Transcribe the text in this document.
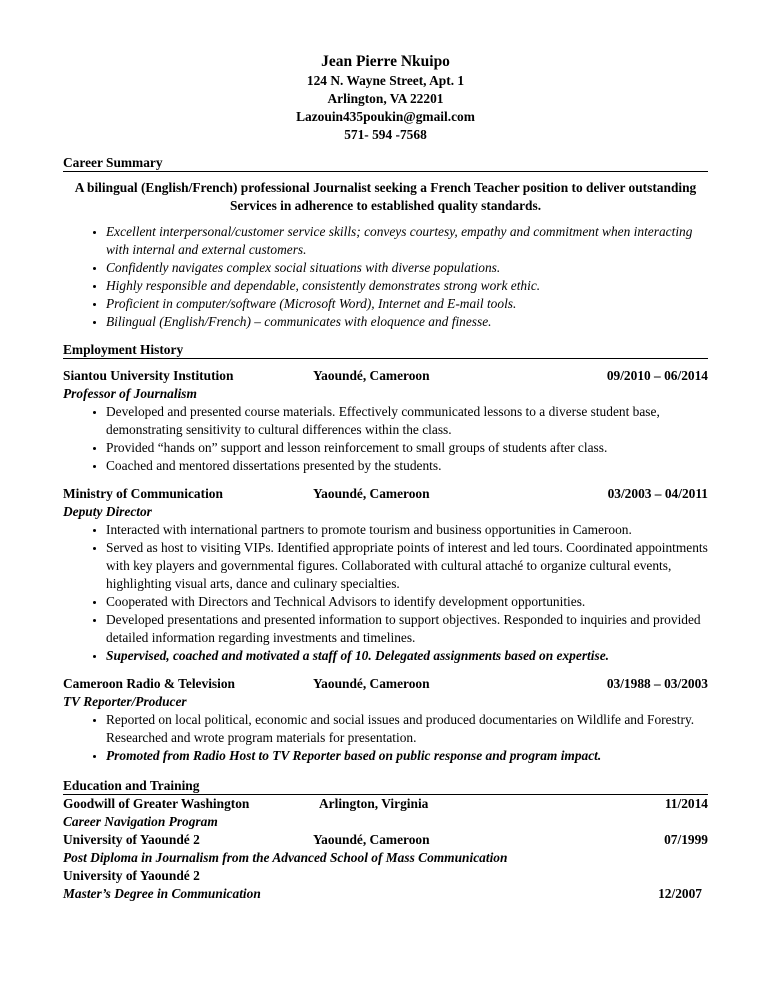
Jean Pierre Nkuipo
124 N. Wayne Street, Apt. 1
Arlington, VA 22201
Lazouin435poukin@gmail.com
571- 594 -7568
Career Summary
A bilingual (English/French) professional Journalist seeking a French Teacher position to deliver outstanding Services in adherence to established quality standards.
• Excellent interpersonal/customer service skills; conveys courtesy, empathy and commitment when interacting with internal and external customers.
• Confidently navigates complex social situations with diverse populations.
• Highly responsible and dependable, consistently demonstrates strong work ethic.
• Proficient in computer/software (Microsoft Word), Internet and E-mail tools.
• Bilingual (English/French) – communicates with eloquence and finesse.
Employment History
Siantou University Institution	Yaoundé, Cameroon	09/2010 – 06/2014
Professor of Journalism
• Developed and presented course materials. Effectively communicated lessons to a diverse student base, demonstrating sensitivity to cultural differences within the class.
• Provided “hands on” support and lesson reinforcement to small groups of students after class.
• Coached and mentored dissertations presented by the students.
Ministry of Communication	Yaoundé, Cameroon	03/2003 – 04/2011
Deputy Director
• Interacted with international partners to promote tourism and business opportunities in Cameroon.
• Served as host to visiting VIPs. Identified appropriate points of interest and led tours. Coordinated appointments with key players and governmental figures. Collaborated with cultural attaché to organize cultural events, highlighting visual arts, dance and culinary specialties.
• Cooperated with Directors and Technical Advisors to identify development opportunities.
• Developed presentations and presented information to support objectives. Responded to inquiries and provided detailed information regarding investments and timelines.
• Supervised, coached and motivated a staff of 10. Delegated assignments based on expertise.
Cameroon Radio & Television	Yaoundé, Cameroon	03/1988 – 03/2003
TV Reporter/Producer
• Reported on local political, economic and social issues and produced documentaries on Wildlife and Forestry. Researched and wrote program materials for presentation.
• Promoted from Radio Host to TV Reporter based on public response and program impact.
Education and Training
Goodwill of Greater Washington	Arlington, Virginia	11/2014
Career Navigation Program
University of Yaoundé 2	Yaoundé, Cameroon	07/1999
Post Diploma in Journalism from the Advanced School of Mass Communication
University of Yaoundé 2
Master’s Degree in Communication	12/2007
